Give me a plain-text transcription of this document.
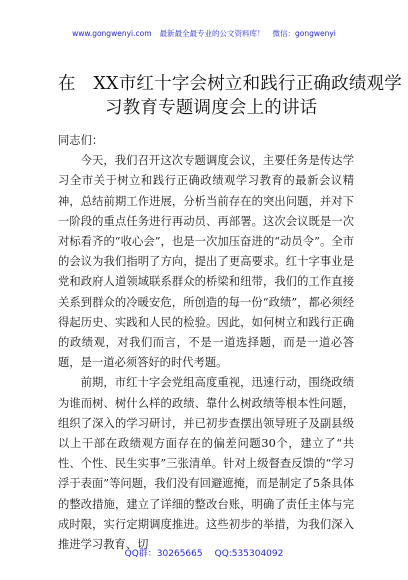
www.gongwenyi.com 最新最全最专业的公文资料库！ 微信：gongwenyi
在　XX市红十字会树立和践行正确政绩观学
习教育专题调度会上的讲话

同志们：

今天，我们召开这次专题调度会议，主要任务是传达学习全市关于树立和践行正确政绩观学习教育的最新会议精神，总结前期工作进展，分析当前存在的突出问题，并对下一阶段的重点任务进行再动员、再部署。这次会议既是一次对标看齐的“收心会”，也是一次加压奋进的“动员令”。全市的会议为我们指明了方向，提出了更高要求。红十字事业是党和政府人道领域联系群众的桥梁和纽带，我们的工作直接关系到群众的冷暖安危，所创造的每一份“政绩”，都必须经得起历史、实践和人民的检验。因此，如何树立和践行正确的政绩观，对我们而言，不是一道选择题，而是一道必答题，是一道必须答好的时代考题。

前期，市红十字会党组高度重视，迅速行动，围绕政绩为谁而树、树什么样的政绩、靠什么树政绩等根本性问题，组织了深入的学习研讨，并已初步查摆出领导班子及副县级以上干部在政绩观方面存在的偏差问题30个，建立了“共性、个性、民生实事”三张清单。针对上级督查反馈的“学习浮于表面”等问题，我们没有回避遮掩，而是制定了5条具体的整改措施，建立了详细的整改台账，明确了责任主体与完成时限，实行定期调度推进。这些初步的举措，为我们深入推进学习教育、切

QQ群：30265665 QQ:535304092
